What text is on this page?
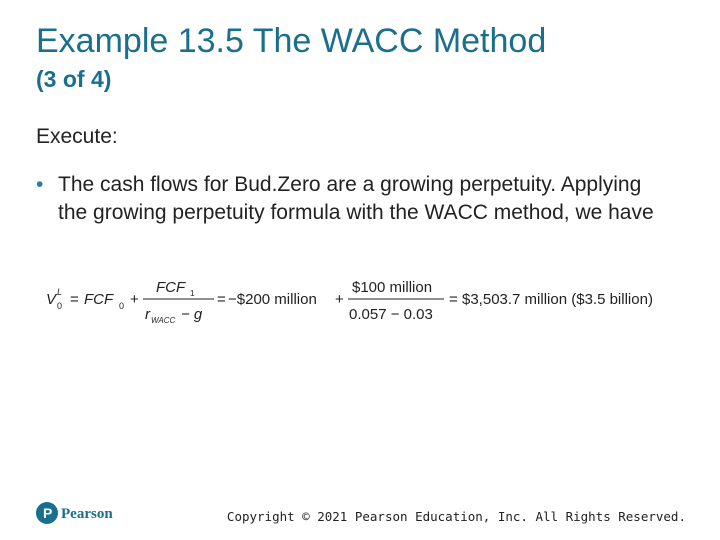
Example 13.5 The WACC Method
(3 of 4)

Execute:

• The cash flows for Bud.Zero are a growing perpetuity. Applying the growing perpetuity formula with the WACC method, we have
V L
0 = FCF 0 +
FCF 1
r WACC − g
= −$200 million +
$100 million
0.057 − 0.03
= $3,503.7 million ($3.5 billion)
P Pearson	Copyright © 2021 Pearson Education, Inc. All Rights Reserved.
